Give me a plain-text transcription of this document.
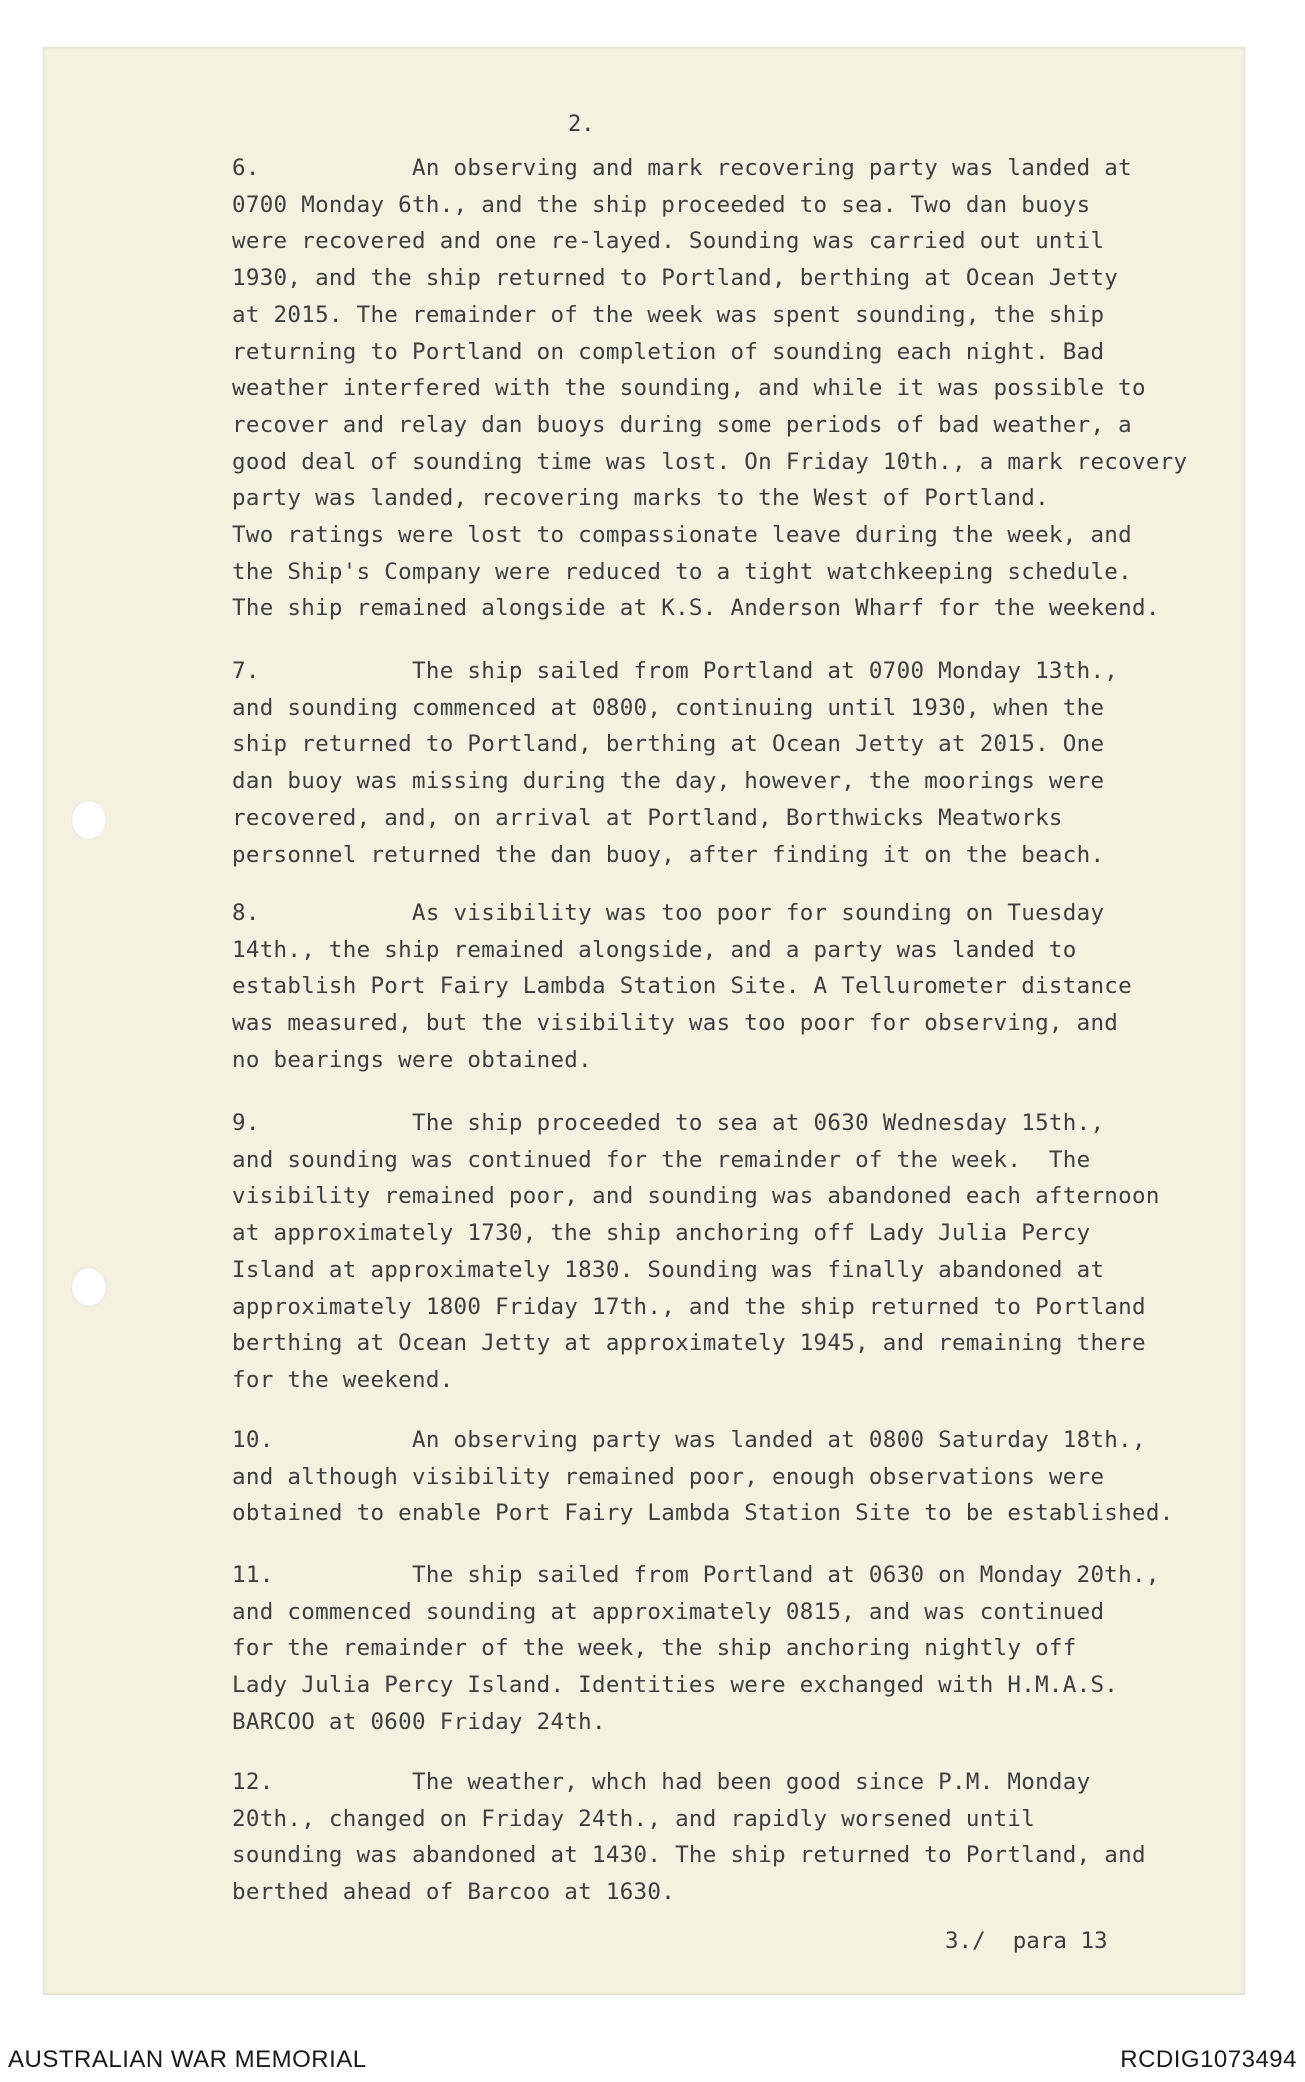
2.
6.	An observing and mark recovering party was landed at
0700 Monday 6th., and the ship proceeded to sea. Two dan buoys
were recovered and one re-layed. Sounding was carried out until
1930, and the ship returned to Portland, berthing at Ocean Jetty
at 2015. The remainder of the week was spent sounding, the ship
returning to Portland on completion of sounding each night. Bad
weather interfered with the sounding, and while it was possible to
recover and relay dan buoys during some periods of bad weather, a
good deal of sounding time was lost. On Friday 10th., a mark recovery
party was landed, recovering marks to the West of Portland.
Two ratings were lost to compassionate leave during the week, and
the Ship's Company were reduced to a tight watchkeeping schedule.
The ship remained alongside at K.S. Anderson Wharf for the weekend.
7.	The ship sailed from Portland at 0700 Monday 13th.,
and sounding commenced at 0800, continuing until 1930, when the
ship returned to Portland, berthing at Ocean Jetty at 2015. One
dan buoy was missing during the day, however, the moorings were
recovered, and, on arrival at Portland, Borthwicks Meatworks
personnel returned the dan buoy, after finding it on the beach.
8.	As visibility was too poor for sounding on Tuesday
14th., the ship remained alongside, and a party was landed to
establish Port Fairy Lambda Station Site. A Tellurometer distance
was measured, but the visibility was too poor for observing, and
no bearings were obtained.
9.	The ship proceeded to sea at 0630 Wednesday 15th.,
and sounding was continued for the remainder of the week.  The
visibility remained poor, and sounding was abandoned each afternoon
at approximately 1730, the ship anchoring off Lady Julia Percy
Island at approximately 1830. Sounding was finally abandoned at
approximately 1800 Friday 17th., and the ship returned to Portland
berthing at Ocean Jetty at approximately 1945, and remaining there
for the weekend.
10.	An observing party was landed at 0800 Saturday 18th.,
and although visibility remained poor, enough observations were
obtained to enable Port Fairy Lambda Station Site to be established.
11.	The ship sailed from Portland at 0630 on Monday 20th.,
and commenced sounding at approximately 0815, and was continued
for the remainder of the week, the ship anchoring nightly off
Lady Julia Percy Island. Identities were exchanged with H.M.A.S.
BARCOO at 0600 Friday 24th.
12.	The weather, whch had been good since P.M. Monday
20th., changed on Friday 24th., and rapidly worsened until
sounding was abandoned at 1430. The ship returned to Portland, and
berthed ahead of Barcoo at 1630.
3./  para 13
AUSTRALIAN WAR MEMORIAL	RCDIG1073494
